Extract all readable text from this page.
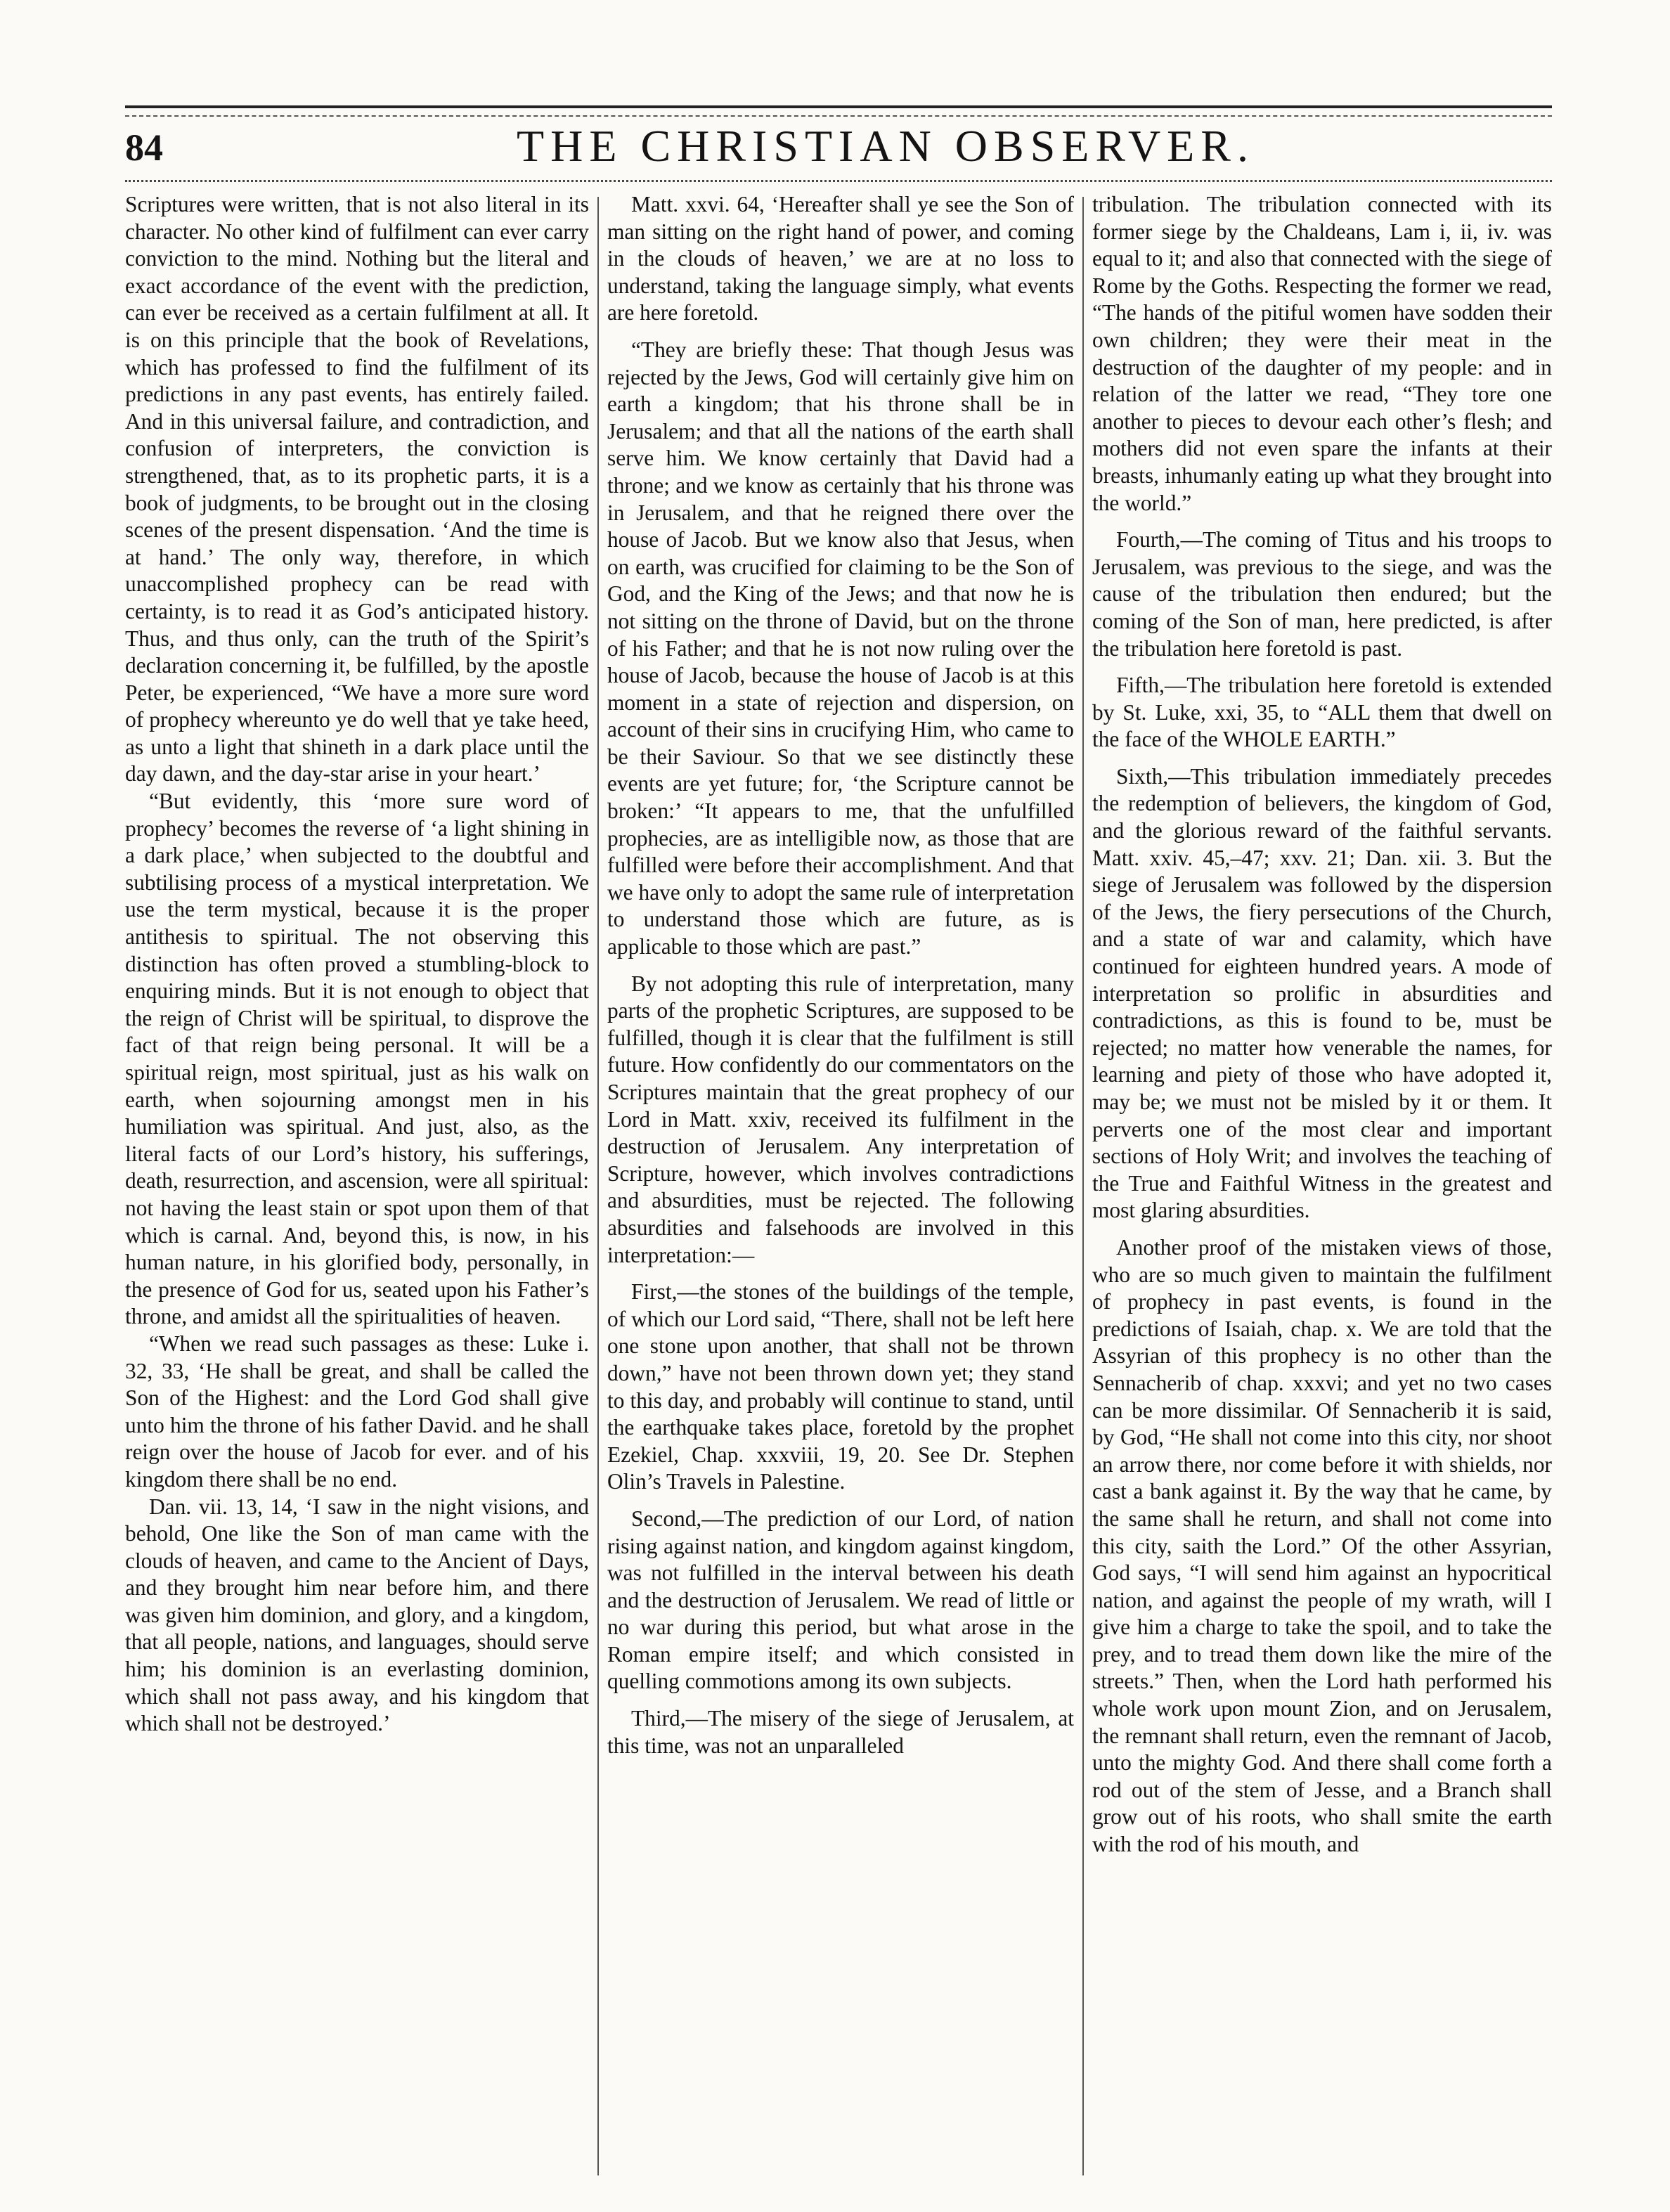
84	THE CHRISTIAN OBSERVER.

Scriptures were written, that is not also literal in its character. No other kind of fulfilment can ever carry conviction to the mind. Nothing but the literal and exact accordance of the event with the prediction, can ever be received as a certain fulfilment at all. It is on this principle that the book of Revelations, which has professed to find the fulfilment of its predictions in any past events, has entirely failed. And in this universal failure, and contradiction, and confusion of interpreters, the conviction is strengthened, that, as to its prophetic parts, it is a book of judgments, to be brought out in the closing scenes of the present dispensation. ‘And the time is at hand.’ The only way, therefore, in which unaccomplished prophecy can be read with certainty, is to read it as God’s anticipated history. Thus, and thus only, can the truth of the Spirit’s declaration concerning it, be fulfilled, by the apostle Peter, be experienced, “We have a more sure word of prophecy whereunto ye do well that ye take heed, as unto a light that shineth in a dark place until the day dawn, and the day-star arise in your heart.’

“But evidently, this ‘more sure word of prophecy’ becomes the reverse of ‘a light shining in a dark place,’ when subjected to the doubtful and subtilising process of a mystical interpretation. We use the term mystical, because it is the proper antithesis to spiritual. The not observing this distinction has often proved a stumbling-block to enquiring minds. But it is not enough to object that the reign of Christ will be spiritual, to disprove the fact of that reign being personal. It will be a spiritual reign, most spiritual, just as his walk on earth, when sojourning amongst men in his humiliation was spiritual. And just, also, as the literal facts of our Lord’s history, his sufferings, death, resurrection, and ascension, were all spiritual: not having the least stain or spot upon them of that which is carnal. And, beyond this, is now, in his human nature, in his glorified body, personally, in the presence of God for us, seated upon his Father’s throne, and amidst all the spiritualities of heaven.

“When we read such passages as these: Luke i. 32, 33, ‘He shall be great, and shall be called the Son of the Highest: and the Lord God shall give unto him the throne of his father David. and he shall reign over the house of Jacob for ever. and of his kingdom there shall be no end.

Dan. vii. 13, 14, ‘I saw in the night visions, and behold, One like the Son of man came with the clouds of heaven, and came to the Ancient of Days, and they brought him near before him, and there was given him dominion, and glory, and a kingdom, that all people, nations, and languages, should serve him; his dominion is an everlasting dominion, which shall not pass away, and his kingdom that which shall not be destroyed.’

Matt. xxvi. 64, ‘Hereafter shall ye see the Son of man sitting on the right hand of power, and coming in the clouds of heaven,’ we are at no loss to understand, taking the language simply, what events are here foretold.

“They are briefly these: That though Jesus was rejected by the Jews, God will certainly give him on earth a kingdom; that his throne shall be in Jerusalem; and that all the nations of the earth shall serve him. We know certainly that David had a throne; and we know as certainly that his throne was in Jerusalem, and that he reigned there over the house of Jacob. But we know also that Jesus, when on earth, was crucified for claiming to be the Son of God, and the King of the Jews; and that now he is not sitting on the throne of David, but on the throne of his Father; and that he is not now ruling over the house of Jacob, because the house of Jacob is at this moment in a state of rejection and dispersion, on account of their sins in crucifying Him, who came to be their Saviour. So that we see distinctly these events are yet future; for, ‘the Scripture cannot be broken:’ “It appears to me, that the unfulfilled prophecies, are as intelligible now, as those that are fulfilled were before their accomplishment. And that we have only to adopt the same rule of interpretation to understand those which are future, as is applicable to those which are past.”

By not adopting this rule of interpretation, many parts of the prophetic Scriptures, are supposed to be fulfilled, though it is clear that the fulfilment is still future. How confidently do our commentators on the Scriptures maintain that the great prophecy of our Lord in Matt. xxiv, received its fulfilment in the destruction of Jerusalem. Any interpretation of Scripture, however, which involves contradictions and absurdities, must be rejected. The following absurdities and falsehoods are involved in this interpretation:—

First,—the stones of the buildings of the temple, of which our Lord said, “There, shall not be left here one stone upon another, that shall not be thrown down,” have not been thrown down yet; they stand to this day, and probably will continue to stand, until the earthquake takes place, foretold by the prophet Ezekiel, Chap. xxxviii, 19, 20. See Dr. Stephen Olin’s Travels in Palestine.

Second,—The prediction of our Lord, of nation rising against nation, and kingdom against kingdom, was not fulfilled in the interval between his death and the destruction of Jerusalem. We read of little or no war during this period, but what arose in the Roman empire itself; and which consisted in quelling commotions among its own subjects.

Third,—The misery of the siege of Jerusalem, at this time, was not an unparalleled

tribulation. The tribulation connected with its former siege by the Chaldeans, Lam i, ii, iv. was equal to it; and also that connected with the siege of Rome by the Goths. Respecting the former we read, “The hands of the pitiful women have sodden their own children; they were their meat in the destruction of the daughter of my people: and in relation of the latter we read, “They tore one another to pieces to devour each other’s flesh; and mothers did not even spare the infants at their breasts, inhumanly eating up what they brought into the world.”

Fourth,—The coming of Titus and his troops to Jerusalem, was previous to the siege, and was the cause of the tribulation then endured; but the coming of the Son of man, here predicted, is after the tribulation here foretold is past.

Fifth,—The tribulation here foretold is extended by St. Luke, xxi, 35, to “ALL them that dwell on the face of the WHOLE EARTH.”

Sixth,—This tribulation immediately precedes the redemption of believers, the kingdom of God, and the glorious reward of the faithful servants. Matt. xxiv. 45,–47; xxv. 21; Dan. xii. 3. But the siege of Jerusalem was followed by the dispersion of the Jews, the fiery persecutions of the Church, and a state of war and calamity, which have continued for eighteen hundred years. A mode of interpretation so prolific in absurdities and contradictions, as this is found to be, must be rejected; no matter how venerable the names, for learning and piety of those who have adopted it, may be; we must not be misled by it or them. It perverts one of the most clear and important sections of Holy Writ; and involves the teaching of the True and Faithful Witness in the greatest and most glaring absurdities.

Another proof of the mistaken views of those, who are so much given to maintain the fulfilment of prophecy in past events, is found in the predictions of Isaiah, chap. x. We are told that the Assyrian of this prophecy is no other than the Sennacherib of chap. xxxvi; and yet no two cases can be more dissimilar. Of Sennacherib it is said, by God, “He shall not come into this city, nor shoot an arrow there, nor come before it with shields, nor cast a bank against it. By the way that he came, by the same shall he return, and shall not come into this city, saith the Lord.” Of the other Assyrian, God says, “I will send him against an hypocritical nation, and against the people of my wrath, will I give him a charge to take the spoil, and to take the prey, and to tread them down like the mire of the streets.” Then, when the Lord hath performed his whole work upon mount Zion, and on Jerusalem, the remnant shall return, even the remnant of Jacob, unto the mighty God. And there shall come forth a rod out of the stem of Jesse, and a Branch shall grow out of his roots, who shall smite the earth with the rod of his mouth, and
